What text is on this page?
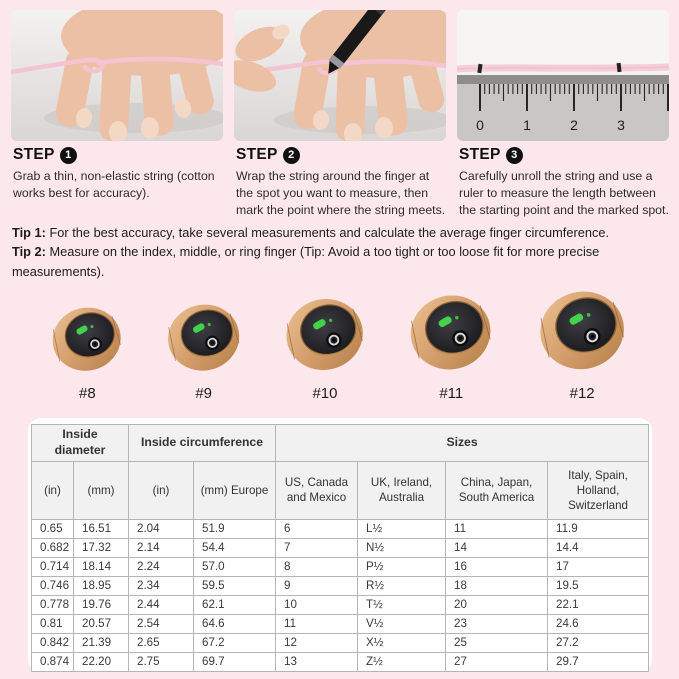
0	1	2	3
STEP 1
Grab a thin, non-elastic string (cotton works best for accuracy).
STEP 2
Wrap the string around the finger at the spot you want to measure, then mark the point where the string meets.
STEP 3
Carefully unroll the string and use a ruler to measure the length between the starting point and the marked spot.
Tip 1: For the best accuracy, take several measurements and calculate the average finger circumference.
Tip 2: Measure on the index, middle, or ring finger (Tip: Avoid a too tight or too loose fit for more precise measurements).
#8	#9	#10	#11	#12
Inside diameter		Inside circumference		Sizes			
(in)	(mm)	(in)	(mm) Europe	US, Canada and Mexico	UK, Ireland, Australia	China, Japan, South America	Italy, Spain, Holland, Switzerland
0.65	16.51	2.04	51.9	6	L½	11	11.9
0.682	17.32	2.14	54.4	7	N½	14	14.4
0.714	18.14	2.24	57.0	8	P½	16	17
0.746	18.95	2.34	59.5	9	R½	18	19.5
0.778	19.76	2.44	62.1	10	T½	20	22.1
0.81	20.57	2.54	64.6	11	V½	23	24.6
0.842	21.39	2.65	67.2	12	X½	25	27.2
0.874	22.20	2.75	69.7	13	Z½	27	29.7
